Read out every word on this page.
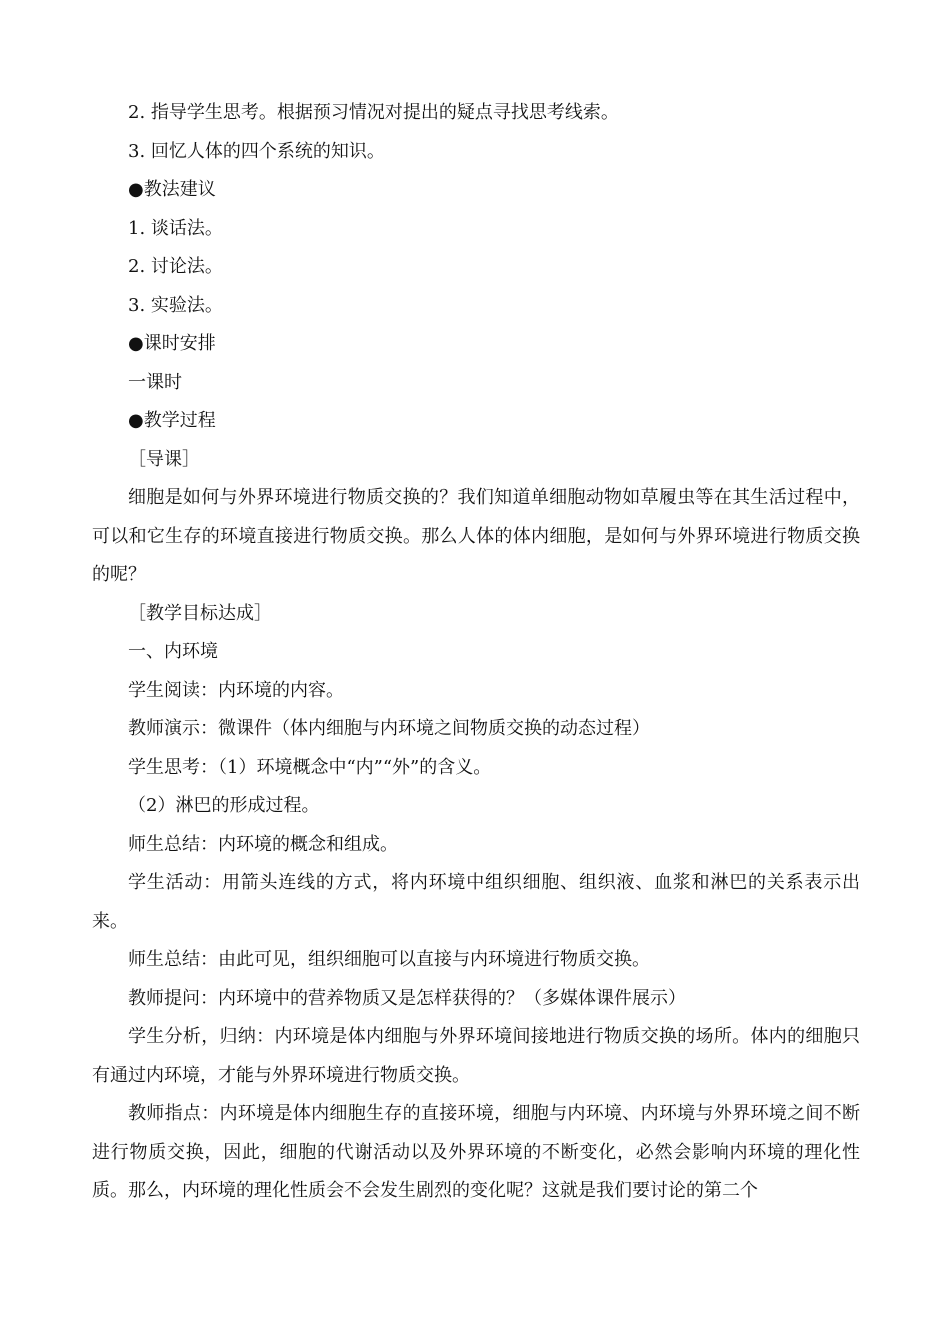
2. 指导学生思考。根据预习情况对提出的疑点寻找思考线索。
3. 回忆人体的四个系统的知识。
●教法建议
1. 谈话法。
2. 讨论法。
3. 实验法。
●课时安排
一课时
●教学过程
［导课］

细胞是如何与外界环境进行物质交换的？我们知道单细胞动物如草履虫等在其生活过程中，可以和它生存的环境直接进行物质交换。那么人体的体内细胞，是如何与外界环境进行物质交换的呢？

［教学目标达成］
一、内环境
学生阅读：内环境的内容。
教师演示：微课件（体内细胞与内环境之间物质交换的动态过程）
学生思考：（1）环境概念中“内”“外”的含义。
（2）淋巴的形成过程。
师生总结：内环境的概念和组成。

学生活动：用箭头连线的方式，将内环境中组织细胞、组织液、血浆和淋巴的关系表示出来。

师生总结：由此可见，组织细胞可以直接与内环境进行物质交换。
教师提问：内环境中的营养物质又是怎样获得的？（多媒体课件展示）

学生分析，归纳：内环境是体内细胞与外界环境间接地进行物质交换的场所。体内的细胞只有通过内环境，才能与外界环境进行物质交换。

教师指点：内环境是体内细胞生存的直接环境，细胞与内环境、内环境与外界环境之间不断进行物质交换，因此，细胞的代谢活动以及外界环境的不断变化，必然会影响内环境的理化性质。那么，内环境的理化性质会不会发生剧烈的变化呢？这就是我们要讨论的第二个
